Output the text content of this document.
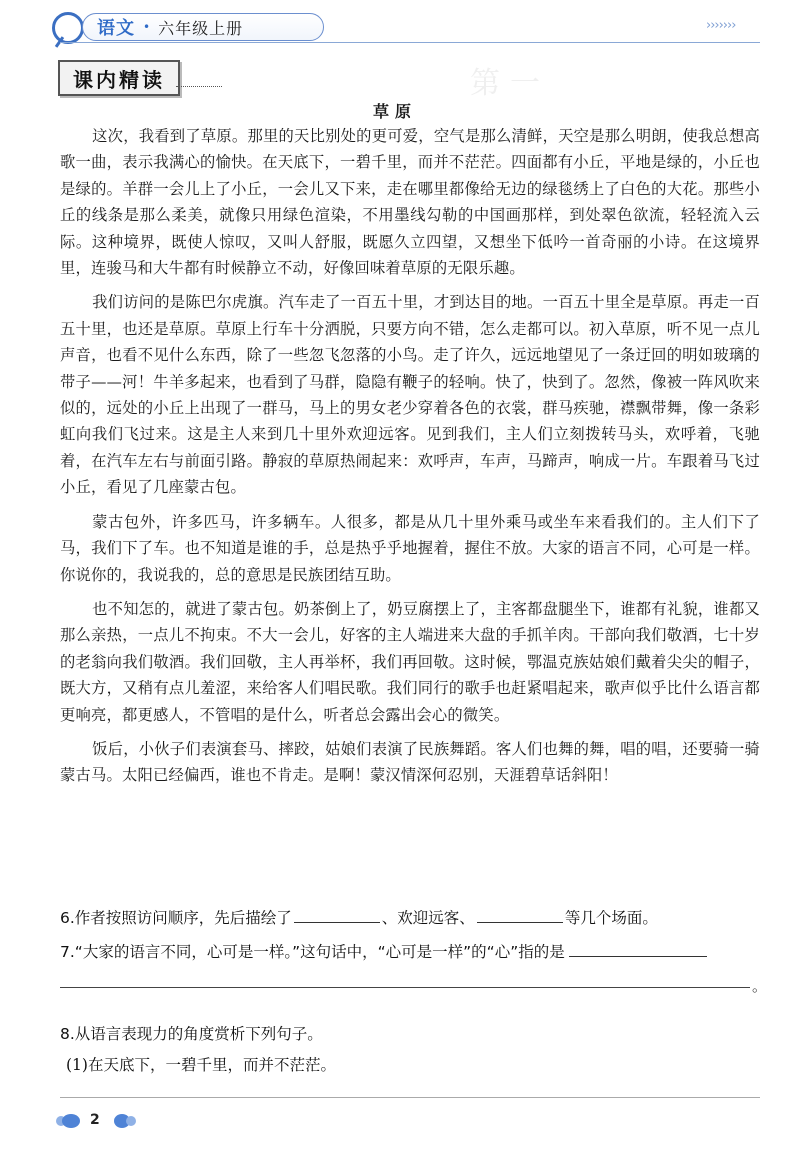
语文 • 六年级上册	›››››››
课内精读	第一
草原

这次，我看到了草原。那里的天比别处的更可爱，空气是那么清鲜，天空是那么明朗，使我总想高歌一曲，表示我满心的愉快。在天底下，一碧千里，而并不茫茫。四面都有小丘，平地是绿的，小丘也是绿的。羊群一会儿上了小丘，一会儿又下来，走在哪里都像给无边的绿毯绣上了白色的大花。那些小丘的线条是那么柔美，就像只用绿色渲染，不用墨线勾勒的中国画那样，到处翠色欲流，轻轻流入云际。这种境界，既使人惊叹，又叫人舒服，既愿久立四望，又想坐下低吟一首奇丽的小诗。在这境界里，连骏马和大牛都有时候静立不动，好像回味着草原的无限乐趣。

我们访问的是陈巴尔虎旗。汽车走了一百五十里，才到达目的地。一百五十里全是草原。再走一百五十里，也还是草原。草原上行车十分洒脱，只要方向不错，怎么走都可以。初入草原，听不见一点儿声音，也看不见什么东西，除了一些忽飞忽落的小鸟。走了许久，远远地望见了一条迂回的明如玻璃的带子——河！牛羊多起来，也看到了马群，隐隐有鞭子的轻响。快了，快到了。忽然，像被一阵风吹来似的，远处的小丘上出现了一群马，马上的男女老少穿着各色的衣裳，群马疾驰，襟飘带舞，像一条彩虹向我们飞过来。这是主人来到几十里外欢迎远客。见到我们，主人们立刻拨转马头，欢呼着，飞驰着，在汽车左右与前面引路。静寂的草原热闹起来：欢呼声，车声，马蹄声，响成一片。车跟着马飞过小丘，看见了几座蒙古包。

蒙古包外，许多匹马，许多辆车。人很多，都是从几十里外乘马或坐车来看我们的。主人们下了马，我们下了车。也不知道是谁的手，总是热乎乎地握着，握住不放。大家的语言不同，心可是一样。你说你的，我说我的，总的意思是民族团结互助。

也不知怎的，就进了蒙古包。奶茶倒上了，奶豆腐摆上了，主客都盘腿坐下，谁都有礼貌，谁都又那么亲热，一点儿不拘束。不大一会儿，好客的主人端进来大盘的手抓羊肉。干部向我们敬酒，七十岁的老翁向我们敬酒。我们回敬，主人再举杯，我们再回敬。这时候，鄂温克族姑娘们戴着尖尖的帽子，既大方，又稍有点儿羞涩，来给客人们唱民歌。我们同行的歌手也赶紧唱起来，歌声似乎比什么语言都更响亮，都更感人，不管唱的是什么，听者总会露出会心的微笑。

饭后，小伙子们表演套马、摔跤，姑娘们表演了民族舞蹈。客人们也舞的舞，唱的唱，还要骑一骑蒙古马。太阳已经偏西，谁也不肯走。是啊！蒙汉情深何忍别，天涯碧草话斜阳！

6.作者按照访问顺序，先后描绘了	、欢迎远客、	等几个场面。
7.“大家的语言不同，心可是一样。”这句话中，“心可是一样”的“心”指的是
。
8.从语言表现力的角度赏析下列句子。
(1)在天底下，一碧千里，而并不茫茫。
2
